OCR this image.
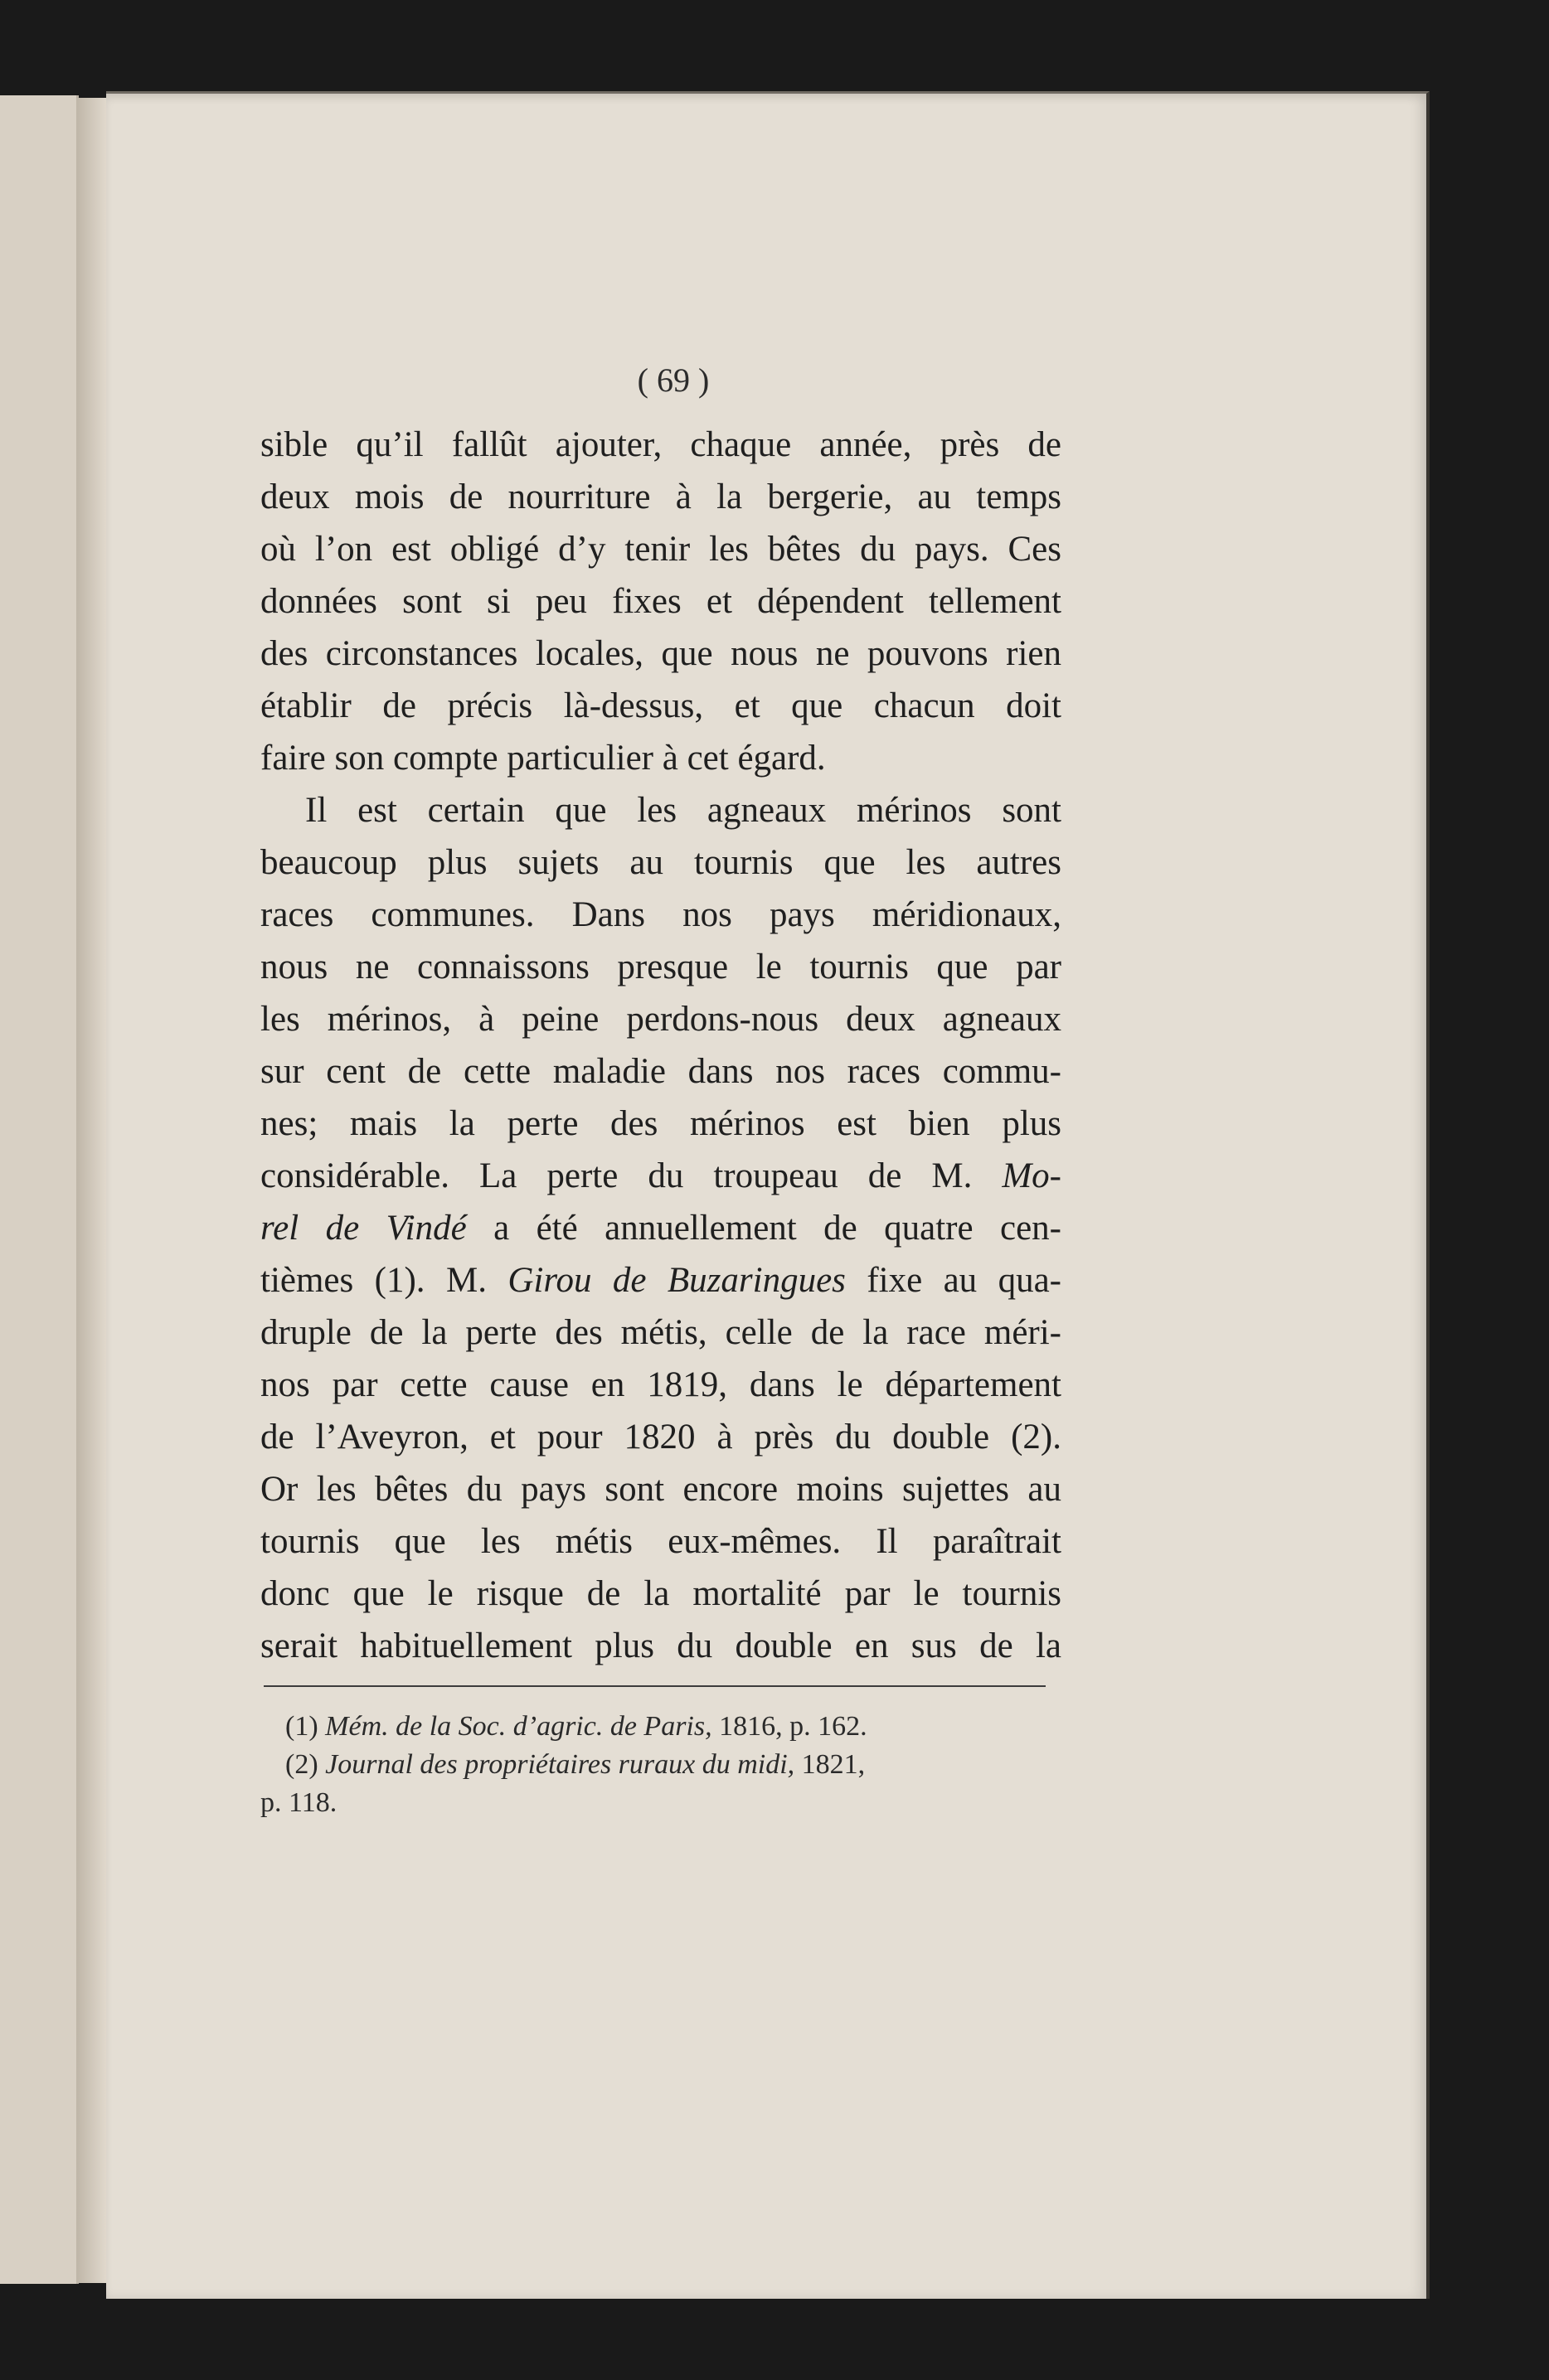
( 69 )
sible qu’il fallût ajouter, chaque année, près de
deux mois de nourriture à la bergerie, au temps
où l’on est obligé d’y tenir les bêtes du pays. Ces
données sont si peu fixes et dépendent tellement
des circonstances locales, que nous ne pouvons rien
établir de précis là-dessus, et que chacun doit
faire son compte particulier à cet égard.
Il est certain que les agneaux mérinos sont
beaucoup plus sujets au tournis que les autres
races communes. Dans nos pays méridionaux,
nous ne connaissons presque le tournis que par
les mérinos, à peine perdons-nous deux agneaux
sur cent de cette maladie dans nos races commu-
nes; mais la perte des mérinos est bien plus
considérable. La perte du troupeau de M. Mo-
rel de Vindé a été annuellement de quatre cen-
tièmes (1). M. Girou de Buzaringues fixe au qua-
druple de la perte des métis, celle de la race méri-
nos par cette cause en 1819, dans le département
de l’Aveyron, et pour 1820 à près du double (2).
Or les bêtes du pays sont encore moins sujettes au
tournis que les métis eux-mêmes. Il paraîtrait
donc que le risque de la mortalité par le tournis
serait habituellement plus du double en sus de la
(1) Mém. de la Soc. d’agric. de Paris, 1816, p. 162.
(2) Journal des propriétaires ruraux du midi, 1821,
p. 118.
